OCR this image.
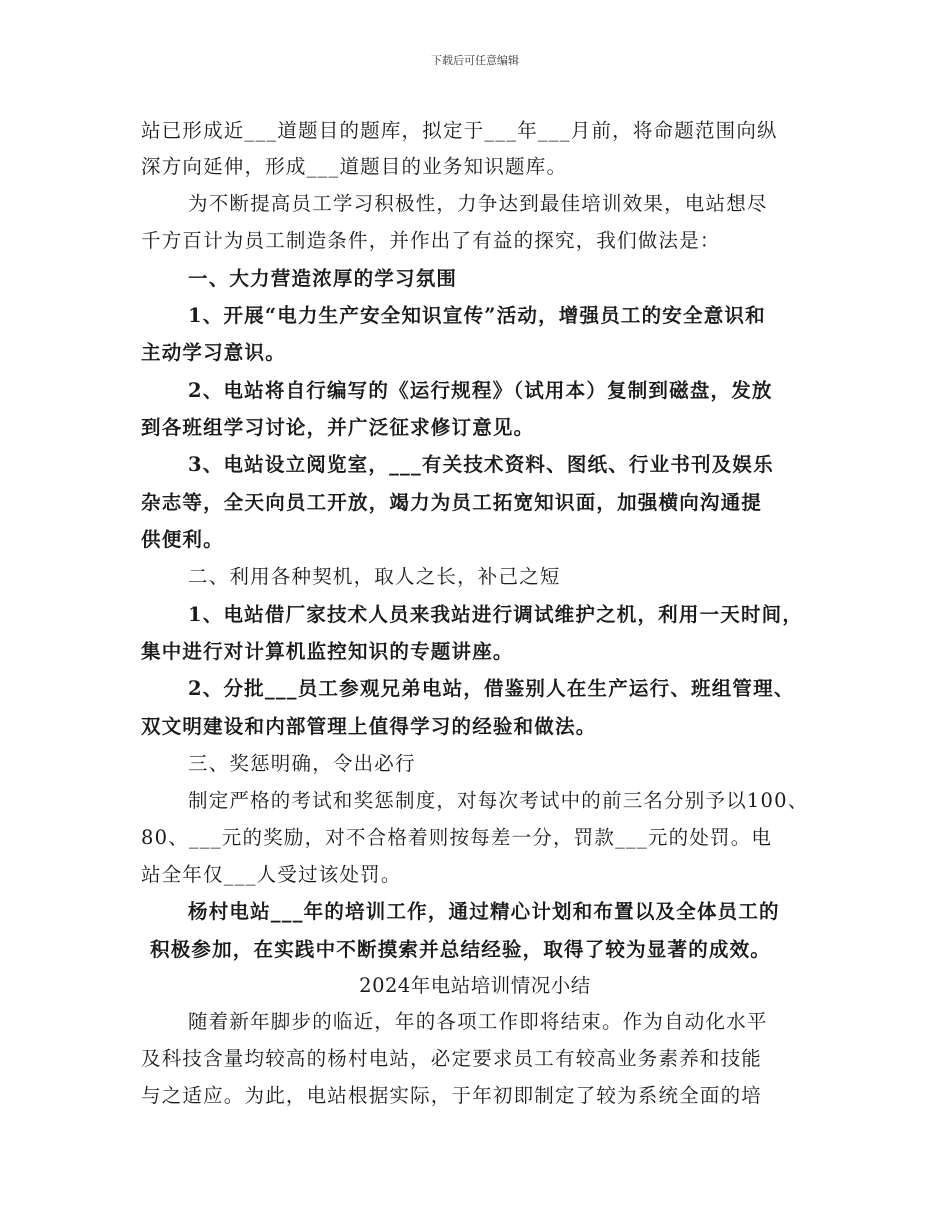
下载后可任意编辑
站已形成近___道题目的题库，拟定于___年___月前，将命题范围向纵
深方向延伸，形成___道题目的业务知识题库。
为不断提高员工学习积极性，力争达到最佳培训效果，电站想尽
千方百计为员工制造条件，并作出了有益的探究，我们做法是：
一、大力营造浓厚的学习氛围
1、开展“电力生产安全知识宣传”活动，增强员工的安全意识和
主动学习意识。
2、电站将自行编写的《运行规程》（试用本）复制到磁盘，发放
到各班组学习讨论，并广泛征求修订意见。
3、电站设立阅览室，___有关技术资料、图纸、行业书刊及娱乐
杂志等，全天向员工开放，竭力为员工拓宽知识面，加强横向沟通提
供便利。
二、利用各种契机，取人之长，补己之短
1、电站借厂家技术人员来我站进行调试维护之机，利用一天时间，
集中进行对计算机监控知识的专题讲座。
2、分批___员工参观兄弟电站，借鉴别人在生产运行、班组管理、
双文明建设和内部管理上值得学习的经验和做法。
三、奖惩明确，令出必行
制定严格的考试和奖惩制度，对每次考试中的前三名分别予以100、
80、___元的奖励，对不合格着则按每差一分，罚款___元的处罚。电
站全年仅___人受过该处罚。
杨村电站___年的培训工作，通过精心计划和布置以及全体员工的
积极参加，在实践中不断摸索并总结经验，取得了较为显著的成效。
2024年电站培训情况小结
随着新年脚步的临近，年的各项工作即将结束。作为自动化水平
及科技含量均较高的杨村电站，必定要求员工有较高业务素养和技能
与之适应。为此，电站根据实际，于年初即制定了较为系统全面的培
